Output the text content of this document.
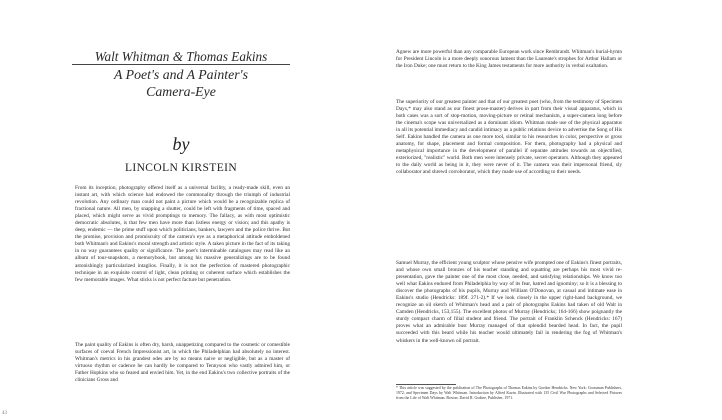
Walt Whitman & Thomas Eakins
A Poet's and A Painter's
Camera-Eye
by
LINCOLN KIRSTEIN

From its inception, photography offered itself as a universal facility, a ready-made skill, even an instant art, with which science had endowed the commonality through the triumph of industrial revolution. Any ordinary man could not paint a picture which would be a recognizable replica of fractional nature. All men, by snapping a shutter, could be left with fragments of time, spaced and placed, which might serve as vivid promptings to memory. The fallacy, as with most optimistic democratic absolutes, is that few men have more than listless energy or vision; and this apathy is deep, endemic — the prime stuff upon which politicians, bankers, lawyers and the police thrive. But the promise, provision and promiscuity of the camera's eye as a metaphorical attitude emboldened both Whitman's and Eakins's moral strength and artistic style. A taken picture in the fact of its taking in no way guarantees quality or significance. The poet's interminable catalogues may read like an album of tour-snapshots, a memorybook, but among his massive generalizings are to be found astonishingly particularized intaglios. Finally, it is not the perfection of mastered photographic technique in an exquisite control of light, clean printing or coherent surface which establishes the few memorable images. What sticks is not perfect facture but penetration.

The paint quality of Eakins is often dry, harsh, unappetizing compared to the cosmetic or comestible surfaces of coeval French Impressionist art, in which the Philadelphian had absolutely no interest. Whitman's metrics in his grandest odes are by no means naive or negligible, but as a master of virtuoso rhythm or cadence he can hardly be compared to Tennyson who vastly admired him, or Father Hopkins who so feared and envied him. Yet, in the end Eakins's two collective portraits of the clinicians Gross and

43

Agnew are more powerful than any comparable European work since Rembrandt. Whitman's burial-hymn for President Lincoln is a more deeply sonorous lament than the Laureate's strophes for Arthur Hallam or the Iron Duke; one must return to the King James testaments for more authority in verbal exaltation.

The superiority of our greatest painter and that of our greatest poet (who, from the testimony of Specimen Days,* may also stand as our finest prose-master) derives in part from their visual apparatus, which in both cases was a sort of stop-motion, moving-picture or retinal mechanism, a super-camera long before the cinema's scope was universalized as a dominant idiom. Whitman made use of the physical apparatus in all its potential immediacy and candid intimacy as a public relations device to advertise the Song of His Self. Eakins handled the camera as one more tool, similar to his researches in color, perspective or gross anatomy, for shape, placement and formal composition. For them, photography had a physical and metaphysical importance in the development of parallel if separate attitudes towards an objectified, exteriorized, "realistic" world. Both men were intensely private, secret operators. Although they appeared to the daily world as being in it, they were never of it. The camera was their impersonal friend, sly collaborator and shrewd corroborator, which they made use of according to their needs.

Samuel Murray, the efficient young sculptor whose pensive wife prompted one of Eakins's finest portraits, and whose own small bronzes of his teacher standing and squatting are perhaps his most vivid re-presentation, gave the painter one of the most close, needed, and satisfying relationships. We know too well what Eakins endured from Philadelphia by way of its fear, hatred and ignominy; so it is a blessing to discover the photographs of his pupils, Murray and William O'Donovan, at casual and intimate ease in Eakins's studio (Hendricks: 189f. 271-2).* If we look closely in the upper right-hand background, we recognize an oil sketch of Whitman's head and a pair of photographs Eakins had taken of old Walt in Camden (Hendricks, 153,155). The excellent photos of Murray (Hendricks; 164-166) show poignantly the sturdy compact charm of filial student and friend. The portrait of Franklin Schenck (Hendricks: 167) proves what an admirable bust Murray managed of that splendid bearded head. In fact, the pupil succeeded with this beard while his teacher would ultimately fail in rendering the fog of Whitman's whiskers in the well-known oil portrait.

* This article was suggested by the publication of The Photographs of Thomas Eakins by Gordon Hendricks. New York: Grossman Publishers, 1972, and Specimen Days by Walt Whitman. Introduction by Alfred Kazin. Illustrated with 135 Civil War Photographs and Selected Pictures from the Life of Walt Whitman. Boston: David R. Godine, Publisher, 1971.
